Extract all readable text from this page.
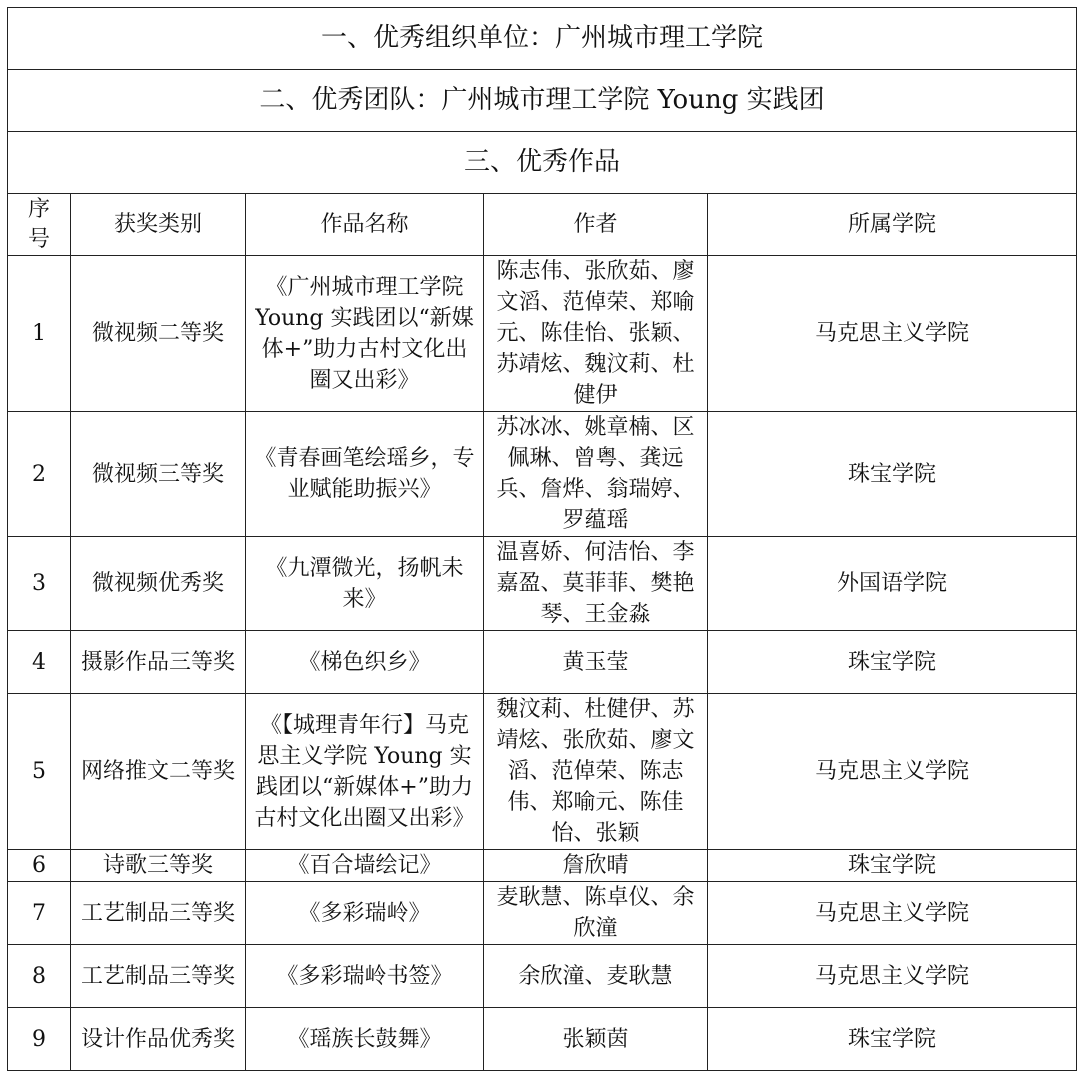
一、优秀组织单位：广州城市理工学院				
二、优秀团队：广州城市理工学院 Young 实践团				
三、优秀作品				
序号	获奖类别	作品名称	作者	所属学院
1	微视频二等奖	《广州城市理工学院 Young 实践团以“新媒体+”助力古村文化出圈又出彩》	陈志伟、张欣茹、廖文滔、范倬荣、郑喻元、陈佳怡、张颖、苏靖炫、魏汶莉、杜健伊	马克思主义学院
2	微视频三等奖	《青春画笔绘瑶乡，专业赋能助振兴》	苏冰冰、姚章楠、区佩琳、曾粤、龚远兵、詹烨、翁瑞婷、罗蕴瑶	珠宝学院
3	微视频优秀奖	《九潭微光，扬帆未来》	温喜娇、何洁怡、李嘉盈、莫菲菲、樊艳琴、王金淼	外国语学院
4	摄影作品三等奖	《梯色织乡》	黄玉莹	珠宝学院
5	网络推文二等奖	《【城理青年行】马克思主义学院 Young 实践团以“新媒体+”助力古村文化出圈又出彩》	魏汶莉、杜健伊、苏靖炫、张欣茹、廖文滔、范倬荣、陈志伟、郑喻元、陈佳怡、张颖	马克思主义学院
6	诗歌三等奖	《百合墙绘记》	詹欣晴	珠宝学院
7	工艺制品三等奖	《多彩瑞岭》	麦耿慧、陈卓仪、余欣潼	马克思主义学院
8	工艺制品三等奖	《多彩瑞岭书签》	余欣潼、麦耿慧	马克思主义学院
9	设计作品优秀奖	《瑶族长鼓舞》	张颖茵	珠宝学院
